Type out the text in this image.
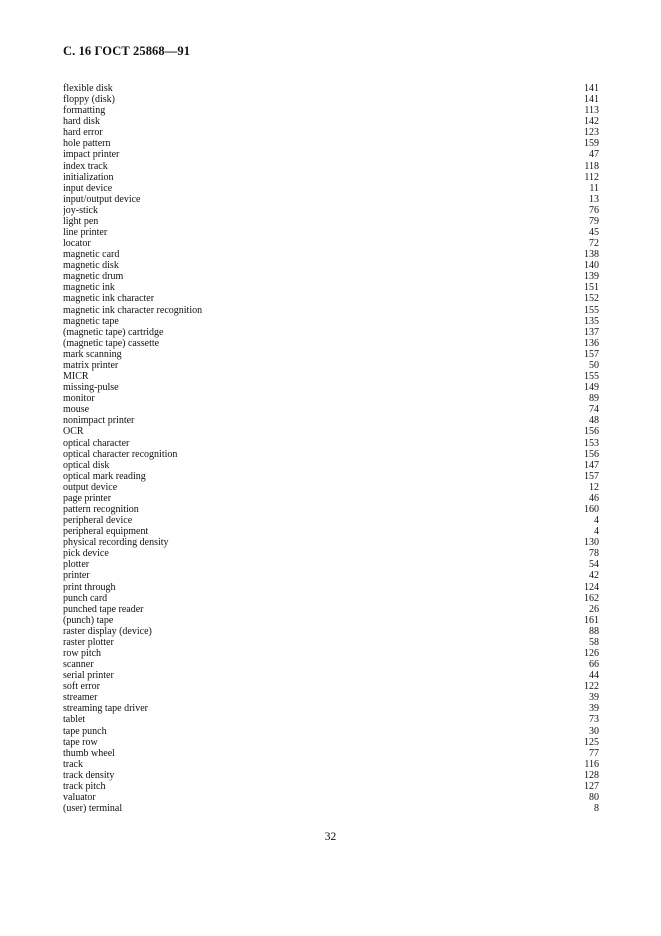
С. 16 ГОСТ 25868—91
flexible disk	141
floppy (disk)	141
formatting	113
hard disk	142
hard error	123
hole pattern	159
impact printer	47
index track	118
initialization	112
input device	11
input/output device	13
joy-stick	76
light pen	79
line printer	45
locator	72
magnetic card	138
magnetic disk	140
magnetic drum	139
magnetic ink	151
magnetic ink character	152
magnetic ink character recognition	155
magnetic tape	135
(magnetic tape) cartridge	137
(magnetic tape) cassette	136
mark scanning	157
matrix printer	50
MICR	155
missing-pulse	149
monitor	89
mouse	74
nonimpact printer	48
OCR	156
optical character	153
optical character recognition	156
optical disk	147
optical mark reading	157
output device	12
page printer	46
pattern recognition	160
peripheral device	4
peripheral equipment	4
physical recording density	130
pick device	78
plotter	54
printer	42
print through	124
punch card	162
punched tape reader	26
(punch) tape	161
raster display (device)	88
raster plotter	58
row pitch	126
scanner	66
serial printer	44
soft error	122
streamer	39
streaming tape driver	39
tablet	73
tape punch	30
tape row	125
thumb wheel	77
track	116
track density	128
track pitch	127
valuator	80
(user) terminal	8
32
